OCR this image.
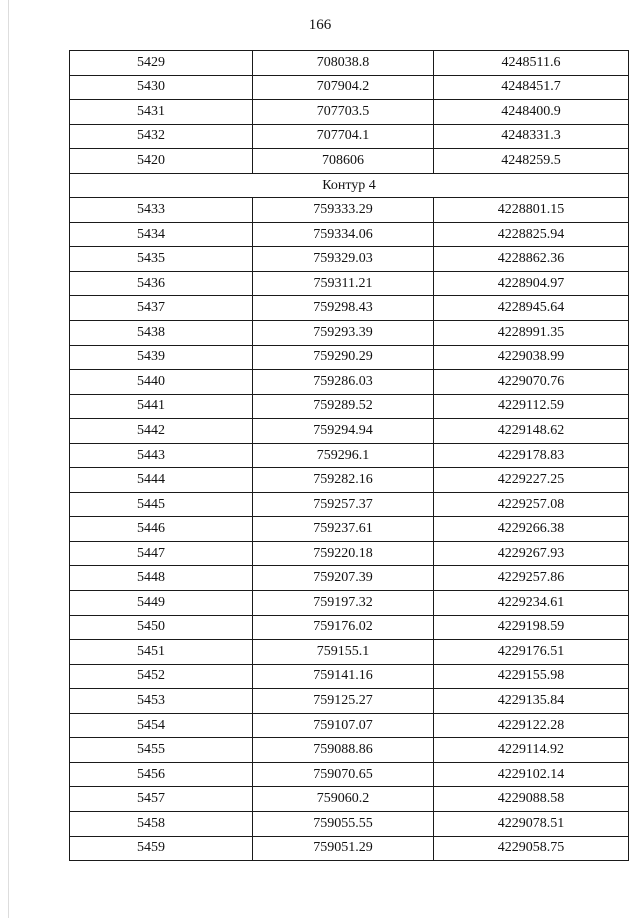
166
5429	708038.8	4248511.6
5430	707904.2	4248451.7
5431	707703.5	4248400.9
5432	707704.1	4248331.3
5420	708606	4248259.5
Контур 4		
5433	759333.29	4228801.15
5434	759334.06	4228825.94
5435	759329.03	4228862.36
5436	759311.21	4228904.97
5437	759298.43	4228945.64
5438	759293.39	4228991.35
5439	759290.29	4229038.99
5440	759286.03	4229070.76
5441	759289.52	4229112.59
5442	759294.94	4229148.62
5443	759296.1	4229178.83
5444	759282.16	4229227.25
5445	759257.37	4229257.08
5446	759237.61	4229266.38
5447	759220.18	4229267.93
5448	759207.39	4229257.86
5449	759197.32	4229234.61
5450	759176.02	4229198.59
5451	759155.1	4229176.51
5452	759141.16	4229155.98
5453	759125.27	4229135.84
5454	759107.07	4229122.28
5455	759088.86	4229114.92
5456	759070.65	4229102.14
5457	759060.2	4229088.58
5458	759055.55	4229078.51
5459	759051.29	4229058.75
